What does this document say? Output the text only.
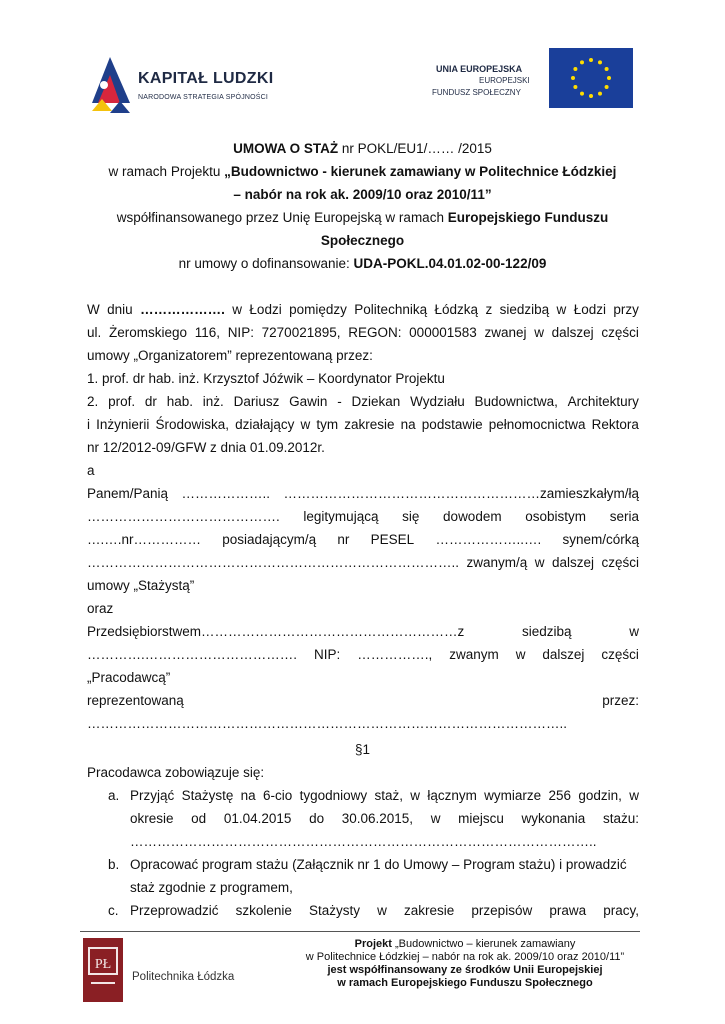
KAPITAŁ LUDZKI
NARODOWA STRATEGIA SPÓJNOŚCI
UNIA EUROPEJSKA
EUROPEJSKI
FUNDUSZ SPOŁECZNY
UMOWA O STAŻ nr POKL/EU1/…… /2015
w ramach Projektu „Budownictwo - kierunek zamawiany w Politechnice Łódzkiej
– nabór na rok ak. 2009/10 oraz 2010/11”
współfinansowanego przez Unię Europejską w ramach Europejskiego Funduszu
Społecznego
nr umowy o dofinansowanie: UDA-POKL.04.01.02-00-122/09
W dniu ………………. w Łodzi pomiędzy Politechniką Łódzką z siedzibą w Łodzi przy
ul. Żeromskiego 116, NIP: 7270021895, REGON: 000001583 zwanej w dalszej części
umowy „Organizatorem” reprezentowaną przez:
1. prof. dr hab. inż. Krzysztof Jóźwik – Koordynator Projektu
2. prof. dr hab. inż. Dariusz Gawin - Dziekan Wydziału Budownictwa, Architektury
i Inżynierii Środowiska, działający w tym zakresie na podstawie pełnomocnictwa Rektora
nr 12/2012-09/GFW z dnia 01.09.2012r.
a
Panem/Panią ……………….. …………………………………………………zamieszkałym/łą
……………………………………. legitymującą się dowodem osobistym seria
….….nr…………… posiadającym/ą nr PESEL ………………..…. synem/córką
……………………………………………………………………….. zwanym/ą w dalszej części
umowy „Stażystą”
oraz
Przedsiębiorstwem…………………………………………………z	siedzibą	w
………….……………………………. NIP: ……………., zwanym w dalszej części
„Pracodawcą”
reprezentowaną	przez:
……………………………………………………………………………………………..
§1
Pracodawca zobowiązuje się:
a. Przyjąć Stażystę na 6-cio tygodniowy staż, w łącznym wymiarze 256 godzin, w
okresie od 01.04.2015 do 30.06.2015, w miejscu wykonania stażu:
…………………………………………………………………………………………..
b. Opracować program stażu (Załącznik nr 1 do Umowy – Program stażu) i prowadzić
staż zgodnie z programem,
c. Przeprowadzić szkolenie Stażysty w zakresie przepisów prawa pracy,
PŁ
Politechnika Łódzka
Projekt „Budownictwo – kierunek zamawiany
w Politechnice Łódzkiej – nabór na rok ak. 2009/10 oraz 2010/11”
jest współfinansowany ze środków Unii Europejskiej
w ramach Europejskiego Funduszu Społecznego
